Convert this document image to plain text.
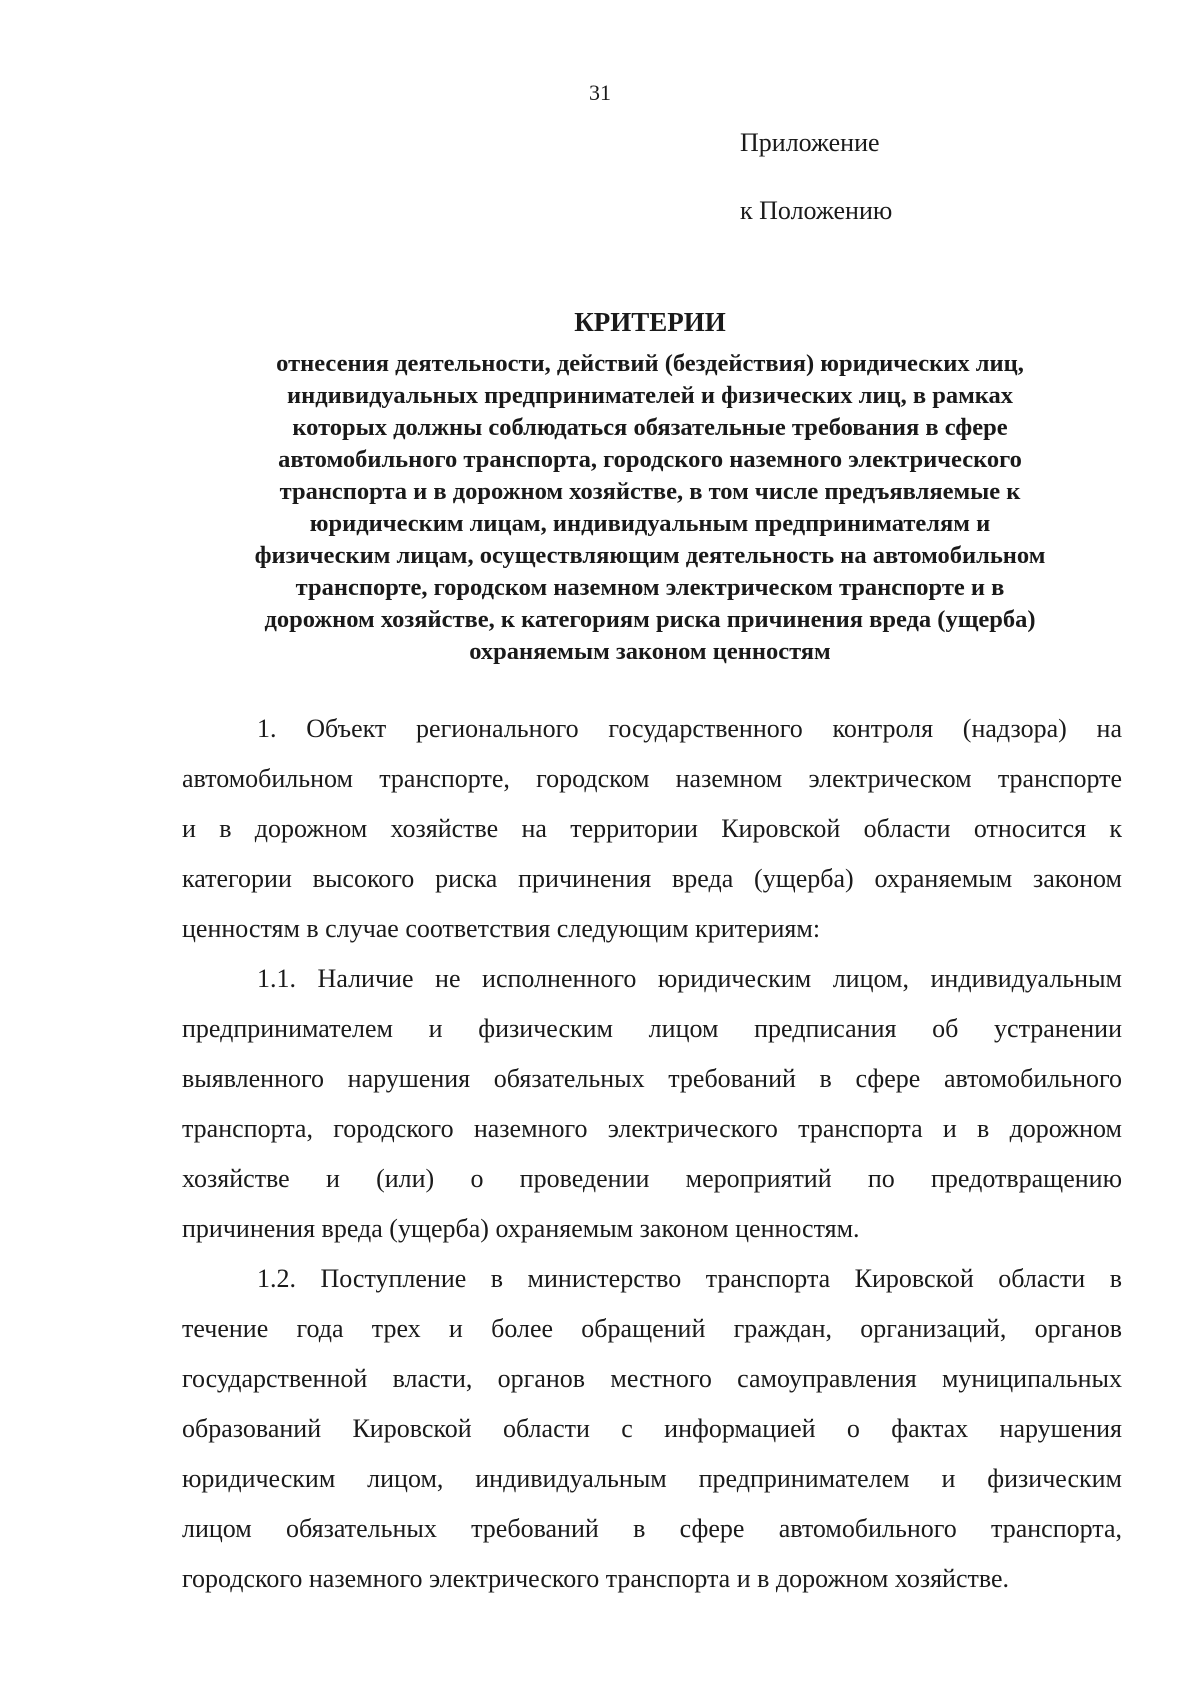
31
Приложение
к Положению
КРИТЕРИИ
отнесения деятельности, действий (бездействия) юридических лиц,
индивидуальных предпринимателей и физических лиц, в рамках
которых должны соблюдаться обязательные требования в сфере
автомобильного транспорта, городского наземного электрического
транспорта и в дорожном хозяйстве, в том числе предъявляемые к
юридическим лицам, индивидуальным предпринимателям и
физическим лицам, осуществляющим деятельность на автомобильном
транспорте, городском наземном электрическом транспорте и в
дорожном хозяйстве, к категориям риска причинения вреда (ущерба)
охраняемым законом ценностям

1. Объект регионального государственного контроля (надзора) на
автомобильном транспорте, городском наземном электрическом транспорте
и в дорожном хозяйстве на территории Кировской области относится к
категории высокого риска причинения вреда (ущерба) охраняемым законом
ценностям в случае соответствия следующим критериям:

1.1. Наличие не исполненного юридическим лицом, индивидуальным
предпринимателем и физическим лицом предписания об устранении
выявленного нарушения обязательных требований в сфере автомобильного
транспорта, городского наземного электрического транспорта и в дорожном
хозяйстве и (или) о проведении мероприятий по предотвращению
причинения вреда (ущерба) охраняемым законом ценностям.

1.2. Поступление в министерство транспорта Кировской области в
течение года трех и более обращений граждан, организаций, органов
государственной власти, органов местного самоуправления муниципальных
образований Кировской области с информацией о фактах нарушения
юридическим лицом, индивидуальным предпринимателем и физическим
лицом обязательных требований в сфере автомобильного транспорта,
городского наземного электрического транспорта и в дорожном хозяйстве.
